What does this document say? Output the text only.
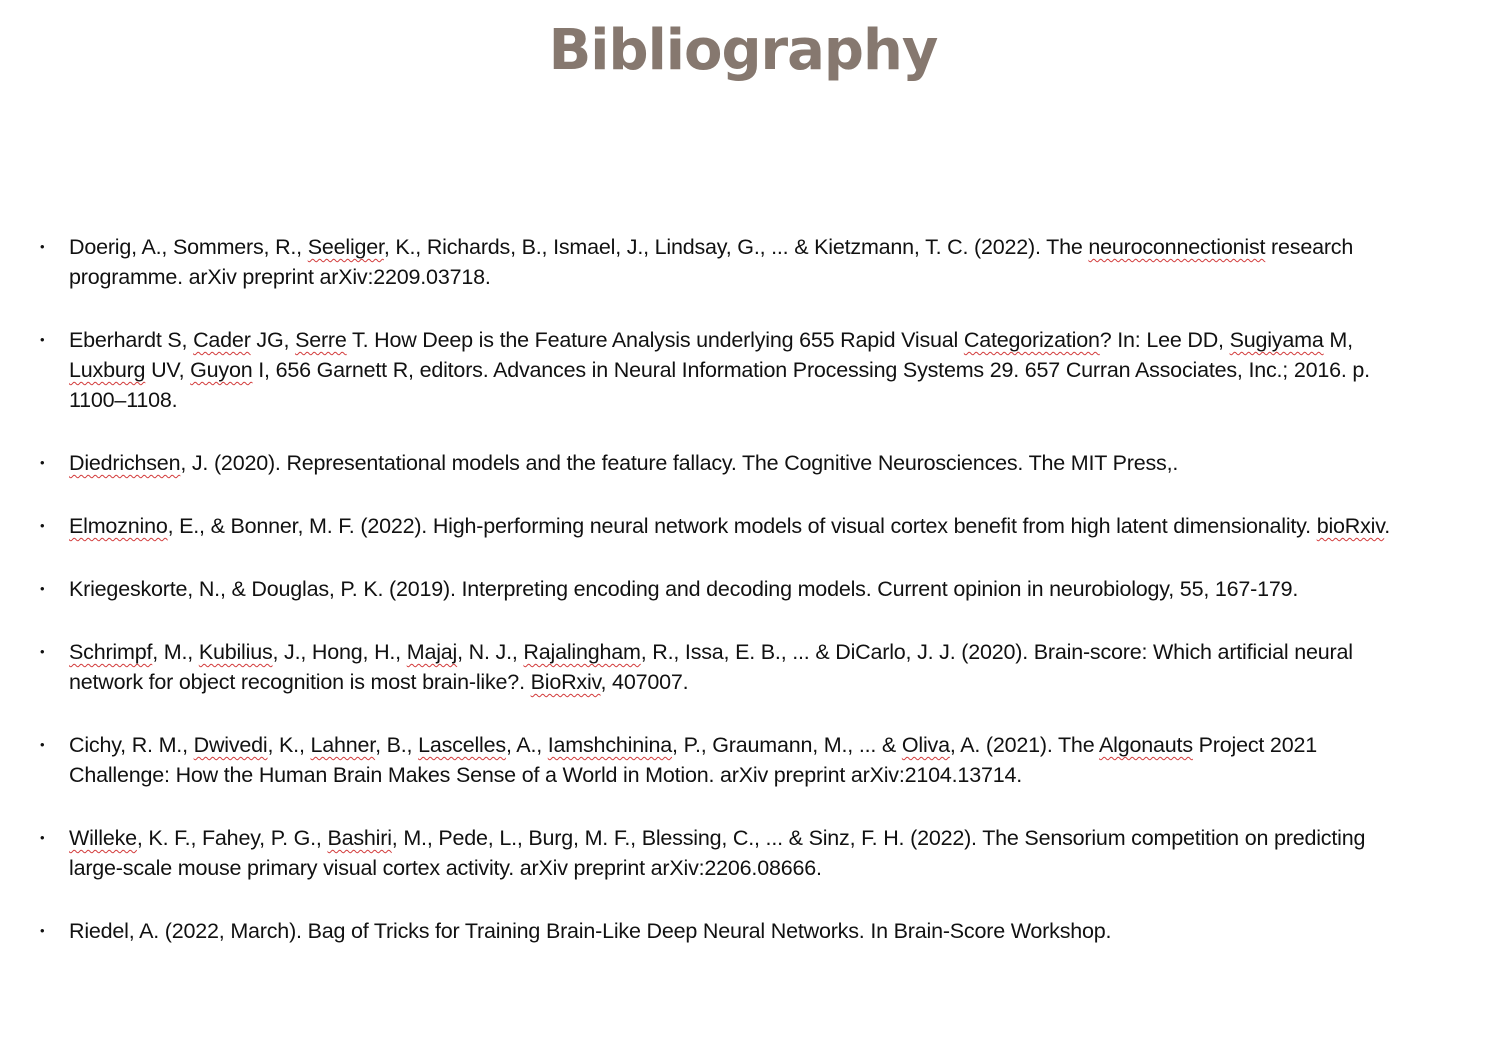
Bibliography
• Doerig, A., Sommers, R., Seeliger, K., Richards, B., Ismael, J., Lindsay, G., ... & Kietzmann, T. C. (2022). The neuroconnectionist research programme. arXiv preprint arXiv:2209.03718.
• Eberhardt S, Cader JG, Serre T. How Deep is the Feature Analysis underlying 655 Rapid Visual Categorization? In: Lee DD, Sugiyama M, Luxburg UV, Guyon I, 656 Garnett R, editors. Advances in Neural Information Processing Systems 29. 657 Curran Associates, Inc.; 2016. p. 1100–1108.
• Diedrichsen, J. (2020). Representational models and the feature fallacy. The Cognitive Neurosciences. The MIT Press,.
• Elmoznino, E., & Bonner, M. F. (2022). High-performing neural network models of visual cortex benefit from high latent dimensionality. bioRxiv.
• Kriegeskorte, N., & Douglas, P. K. (2019). Interpreting encoding and decoding models. Current opinion in neurobiology, 55, 167-179.
• Schrimpf, M., Kubilius, J., Hong, H., Majaj, N. J., Rajalingham, R., Issa, E. B., ... & DiCarlo, J. J. (2020). Brain-score: Which artificial neural network for object recognition is most brain-like?. BioRxiv, 407007.
• Cichy, R. M., Dwivedi, K., Lahner, B., Lascelles, A., Iamshchinina, P., Graumann, M., ... & Oliva, A. (2021). The Algonauts Project 2021 Challenge: How the Human Brain Makes Sense of a World in Motion. arXiv preprint arXiv:2104.13714.
• Willeke, K. F., Fahey, P. G., Bashiri, M., Pede, L., Burg, M. F., Blessing, C., ... & Sinz, F. H. (2022). The Sensorium competition on predicting large-scale mouse primary visual cortex activity. arXiv preprint arXiv:2206.08666.
• Riedel, A. (2022, March). Bag of Tricks for Training Brain-Like Deep Neural Networks. In Brain-Score Workshop.
